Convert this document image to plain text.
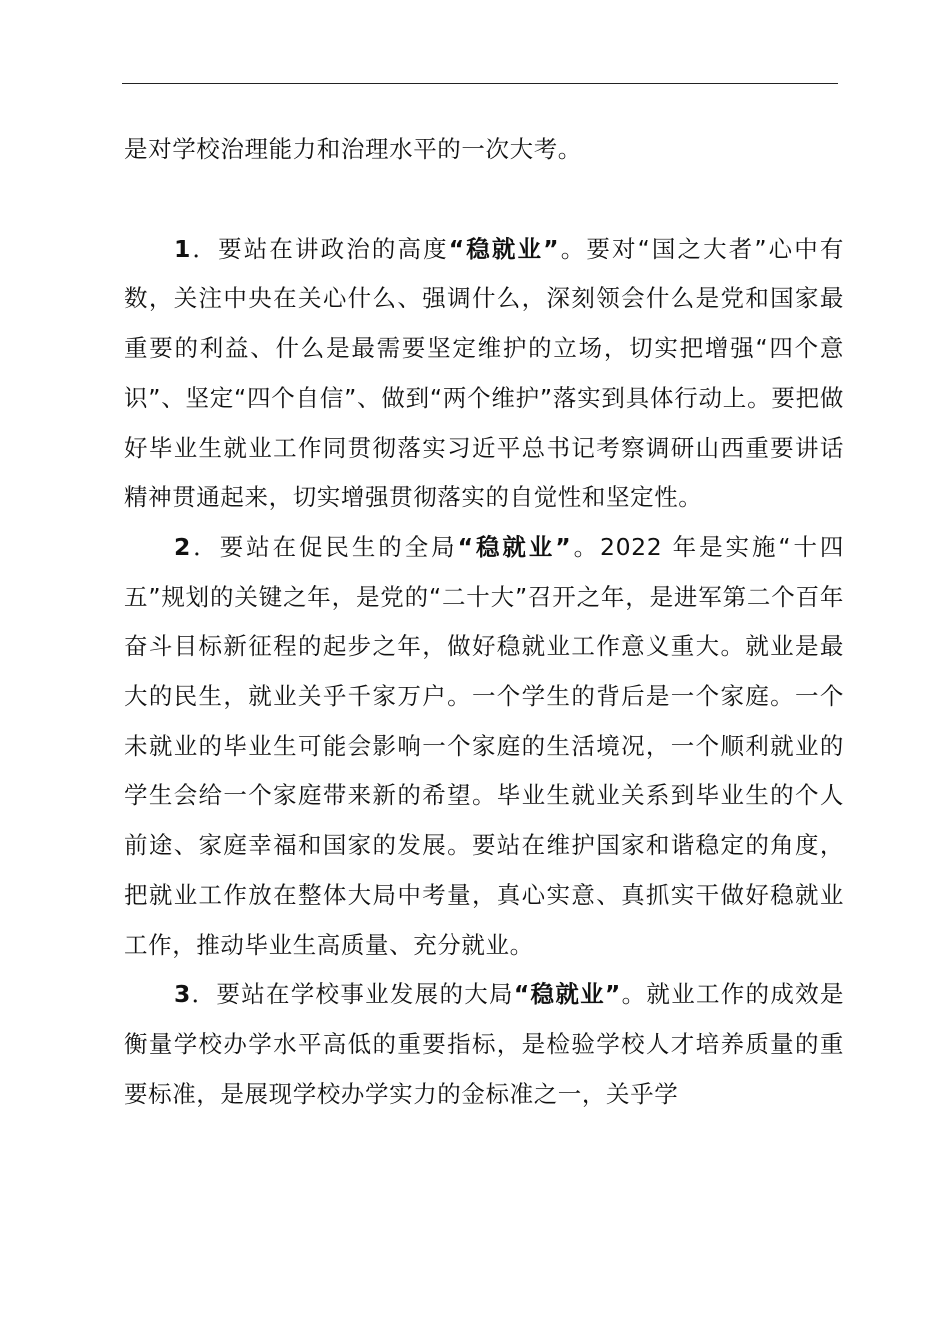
是对学校治理能力和治理水平的一次大考。

1．要站在讲政治的高度“稳就业”。要对“国之大者”心中有数，关注中央在关心什么、强调什么，深刻领会什么是党和国家最重要的利益、什么是最需要坚定维护的立场，切实把增强“四个意识”、坚定“四个自信”、做到“两个维护”落实到具体行动上。要把做好毕业生就业工作同贯彻落实习近平总书记考察调研山西重要讲话精神贯通起来，切实增强贯彻落实的自觉性和坚定性。

2．要站在促民生的全局“稳就业”。2022 年是实施“十四五”规划的关键之年，是党的“二十大”召开之年，是进军第二个百年奋斗目标新征程的起步之年，做好稳就业工作意义重大。就业是最大的民生，就业关乎千家万户。一个学生的背后是一个家庭。一个未就业的毕业生可能会影响一个家庭的生活境况，一个顺利就业的学生会给一个家庭带来新的希望。毕业生就业关系到毕业生的个人前途、家庭幸福和国家的发展。要站在维护国家和谐稳定的角度，把就业工作放在整体大局中考量，真心实意、真抓实干做好稳就业工作，推动毕业生高质量、充分就业。

3．要站在学校事业发展的大局“稳就业”。就业工作的成效是衡量学校办学水平高低的重要指标，是检验学校人才培养质量的重要标准，是展现学校办学实力的金标准之一，关乎学
